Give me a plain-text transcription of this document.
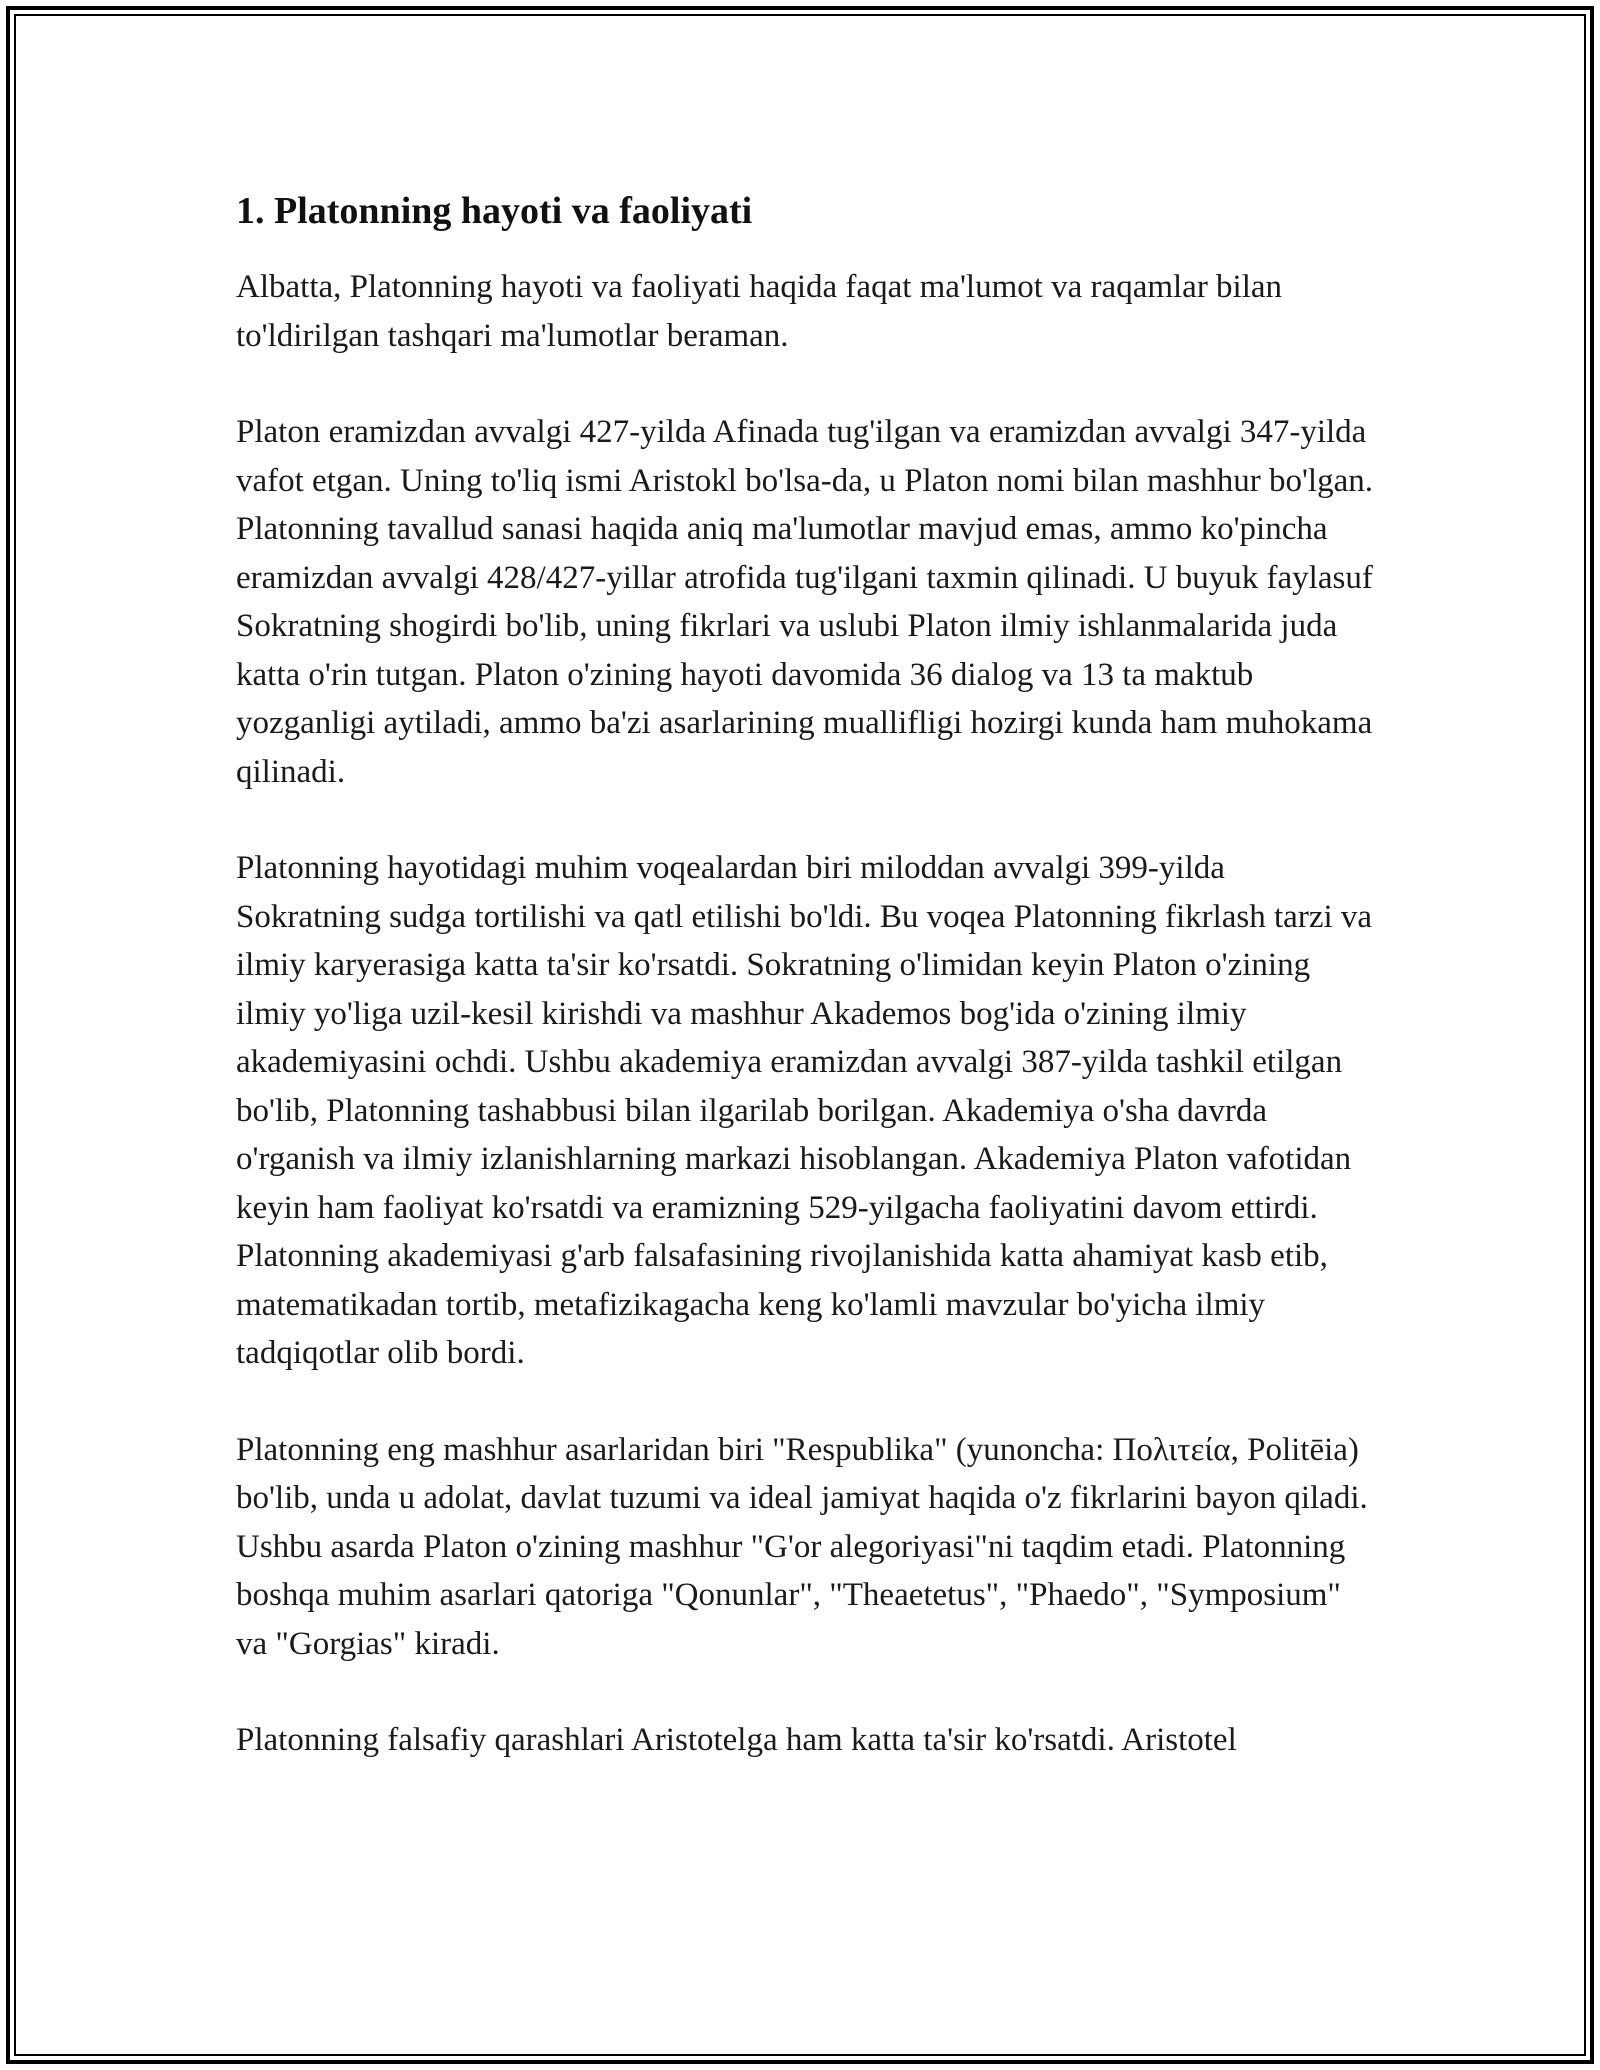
1. Platonning hayoti va faoliyati

Albatta, Platonning hayoti va faoliyati haqida faqat ma'lumot va raqamlar bilan to'ldirilgan tashqari ma'lumotlar beraman.

Platon eramizdan avvalgi 427-yilda Afinada tug'ilgan va eramizdan avvalgi 347-yilda vafot etgan. Uning to'liq ismi Aristokl bo'lsa-da, u Platon nomi bilan mashhur bo'lgan. Platonning tavallud sanasi haqida aniq ma'lumotlar mavjud emas, ammo ko'pincha eramizdan avvalgi 428/427-yillar atrofida tug'ilgani taxmin qilinadi. U buyuk faylasuf Sokratning shogirdi bo'lib, uning fikrlari va uslubi Platon ilmiy ishlanmalarida juda katta o'rin tutgan. Platon o'zining hayoti davomida 36 dialog va 13 ta maktub yozganligi aytiladi, ammo ba'zi asarlarining muallifligi hozirgi kunda ham muhokama qilinadi.

Platonning hayotidagi muhim voqealardan biri miloddan avvalgi 399-yilda Sokratning sudga tortilishi va qatl etilishi bo'ldi. Bu voqea Platonning fikrlash tarzi va ilmiy karyerasiga katta ta'sir ko'rsatdi. Sokratning o'limidan keyin Platon o'zining ilmiy yo'liga uzil-kesil kirishdi va mashhur Akademos bog'ida o'zining ilmiy akademiyasini ochdi. Ushbu akademiya eramizdan avvalgi 387-yilda tashkil etilgan bo'lib, Platonning tashabbusi bilan ilgarilab borilgan. Akademiya o'sha davrda o'rganish va ilmiy izlanishlarning markazi hisoblangan. Akademiya Platon vafotidan keyin ham faoliyat ko'rsatdi va eramizning 529-yilgacha faoliyatini davom ettirdi. Platonning akademiyasi g'arb falsafasining rivojlanishida katta ahamiyat kasb etib, matematikadan tortib, metafizikagacha keng ko'lamli mavzular bo'yicha ilmiy tadqiqotlar olib bordi.

Platonning eng mashhur asarlaridan biri "Respublika" (yunoncha: Πολιτεία, Politēia) bo'lib, unda u adolat, davlat tuzumi va ideal jamiyat haqida o'z fikrlarini bayon qiladi. Ushbu asarda Platon o'zining mashhur "G'or alegoriyasi"ni taqdim etadi. Platonning boshqa muhim asarlari qatoriga "Qonunlar", "Theaetetus", "Phaedo", "Symposium" va "Gorgias" kiradi.

Platonning falsafiy qarashlari Aristotelga ham katta ta'sir ko'rsatdi. Aristotel
